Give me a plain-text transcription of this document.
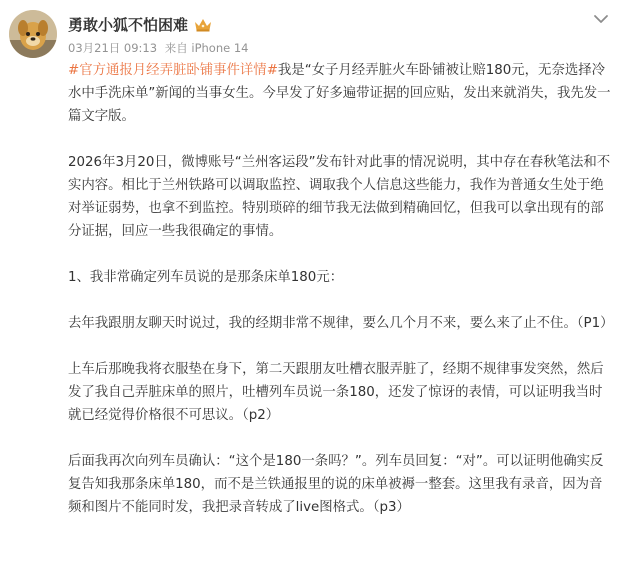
勇敢小狐不怕困难
03月21日 09:13 来自 iPhone 14

#官方通报月经弄脏卧铺事件详情#我是“女子月经弄脏火车卧铺被让赔180元，无奈选择冷水中手洗床单”新闻的当事女生。今早发了好多遍带证据的回应贴，发出来就消失，我先发一篇文字版。

2026年3月20日，微博账号“兰州客运段”发布针对此事的情况说明，其中存在春秋笔法和不实内容。相比于兰州铁路可以调取监控、调取我个人信息这些能力，我作为普通女生处于绝对举证弱势，也拿不到监控。特别琐碎的细节我无法做到精确回忆，但我可以拿出现有的部分证据，回应一些我很确定的事情。

1、我非常确定列车员说的是那条床单180元：

去年我跟朋友聊天时说过，我的经期非常不规律，要么几个月不来，要么来了止不住。（P1）

上车后那晚我将衣服垫在身下，第二天跟朋友吐槽衣服弄脏了，经期不规律事发突然，然后发了我自己弄脏床单的照片，吐槽列车员说一条180，还发了惊讶的表情，可以证明我当时就已经觉得价格很不可思议。（p2）

后面我再次向列车员确认：“这个是180一条吗？”。列车员回复：“对”。可以证明他确实反复告知我那条床单180，而不是兰铁通报里的说的床单被褥一整套。这里我有录音，因为音频和图片不能同时发，我把录音转成了live图格式。（p3）
